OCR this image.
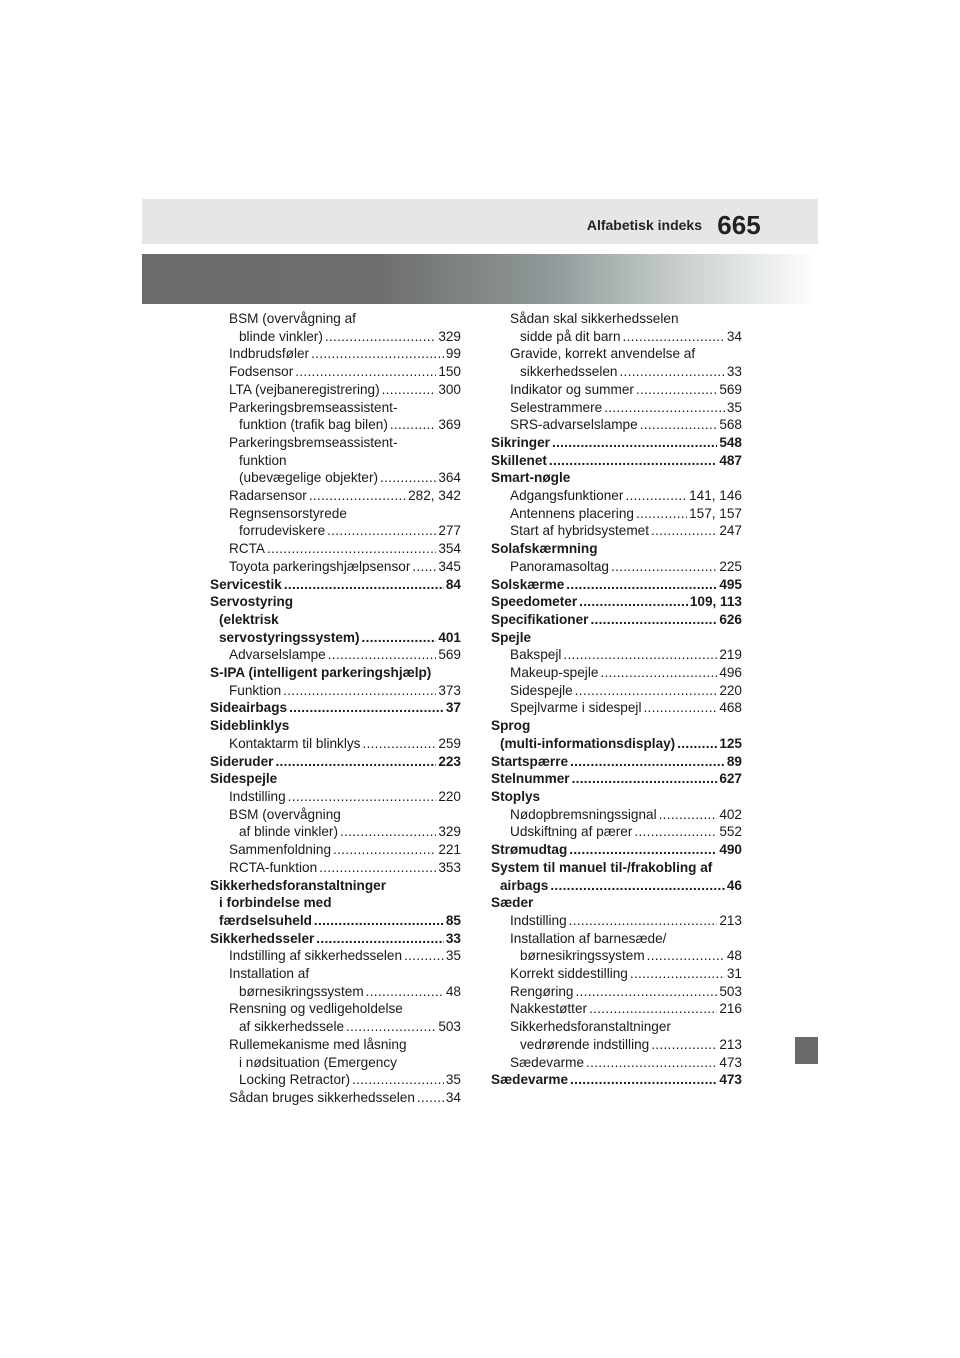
Alfabetisk indeks 665
BSM (overvågning af
blinde vinkler) .....	329
Indbrudsføler .....	99
Fodsensor .....	150
LTA (vejbaneregistrering) .....	300
Parkeringsbremseassistent-
funktion (trafik bag bilen) .....	369
Parkeringsbremseassistent-
funktion
(ubevægelige objekter) .....	364
Radarsensor .....	282, 342
Regnsensorstyrede
forrudeviskere .....	277
RCTA .....	354
Toyota parkeringshjælpsensor ..... 345
Servicestik .....	84
Servostyring
(elektrisk
servostyringssystem) .....	401
Advarselslampe .....	569
S-IPA (intelligent parkeringshjælp)
Funktion .....	373
Sideairbags .....	37
Sideblinklys
Kontaktarm til blinklys .....	259
Sideruder .....	223
Sidespejle
Indstilling .....	220
BSM (overvågning
af blinde vinkler) .....	329
Sammenfoldning .....	221
RCTA-funktion .....	353
Sikkerhedsforanstaltninger
i forbindelse med
færdselsuheld .....	85
Sikkerhedsseler .....	33
Indstilling af sikkerhedsselen .....	35
Installation af
børnesikringssystem .....	48
Rensning og vedligeholdelse
af sikkerhedssele .....	503
Rullemekanisme med låsning
i nødsituation (Emergency
Locking Retractor) .....	35
Sådan bruges sikkerhedsselen ..... 34
Sådan skal sikkerhedsselen
sidde på dit barn .....	34
Gravide, korrekt anvendelse af
sikkerhedsselen .....	33
Indikator og summer .....	569
Selestrammere .....	35
SRS-advarselslampe .....	568
Sikringer .....	548
Skillenet .....	487
Smart-nøgle
Adgangsfunktioner .....	141, 146
Antennens placering .....	157, 157
Start af hybridsystemet .....	247
Solafskærmning
Panoramasoltag .....	225
Solskærme .....	495
Speedometer .....	109, 113
Specifikationer .....	626
Spejle
Bakspejl .....	219
Makeup-spejle .....	496
Sidespejle .....	220
Spejlvarme i sidespejl .....	468
Sprog
(multi-informationsdisplay) .....	125
Startspærre .....	89
Stelnummer .....	627
Stoplys
Nødopbremsningssignal .....	402
Udskiftning af pærer .....	552
Strømudtag .....	490
System til manuel til-/frakobling af
airbags .....	46
Sæder
Indstilling .....	213
Installation af barnesæde/
børnesikringssystem .....	48
Korrekt siddestilling .....	31
Rengøring .....	503
Nakkestøtter .....	216
Sikkerhedsforanstaltninger
vedrørende indstilling .....	213
Sædevarme .....	473
Sædevarme .....	473
